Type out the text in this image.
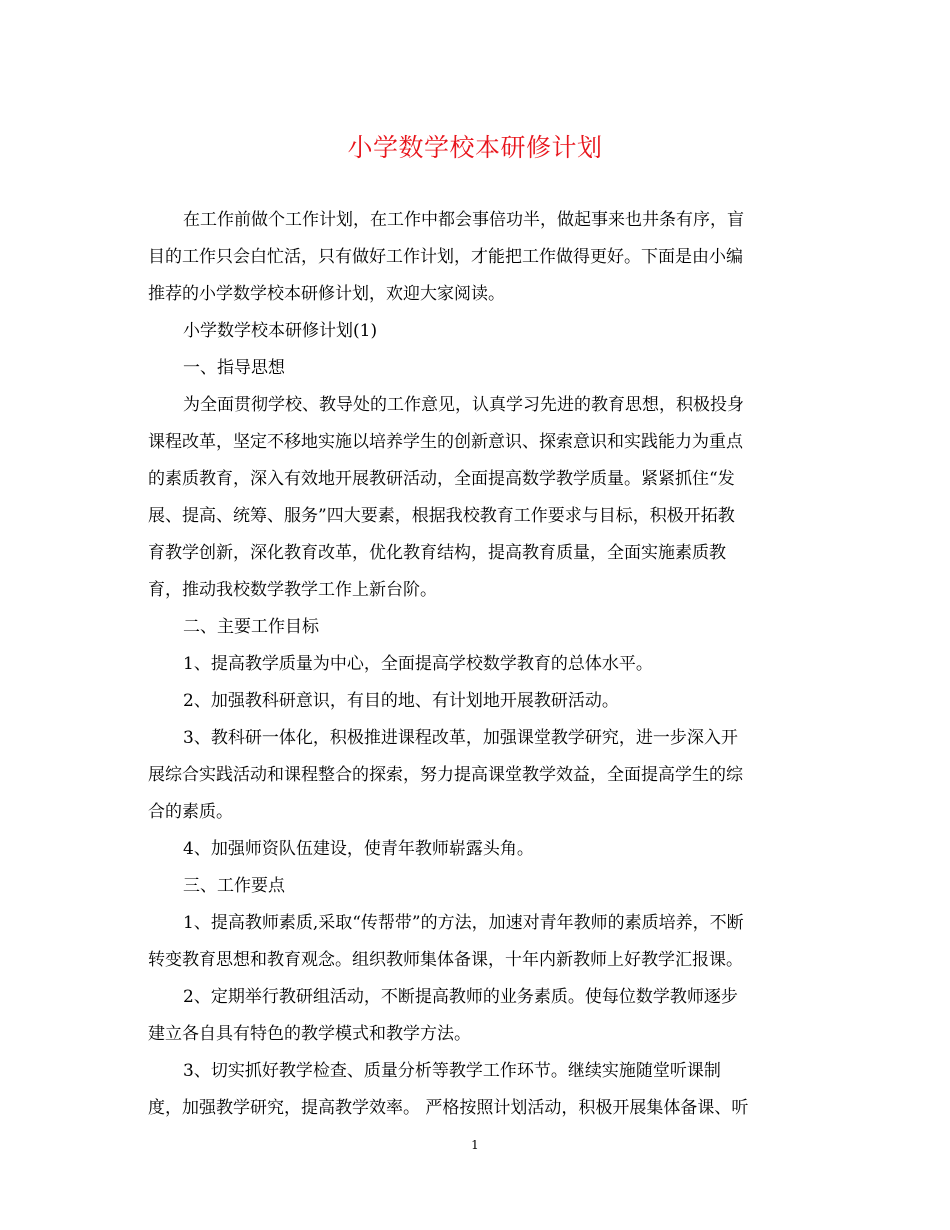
小学数学校本研修计划
在工作前做个工作计划，在工作中都会事倍功半，做起事来也井条有序，盲
目的工作只会白忙活，只有做好工作计划，才能把工作做得更好。下面是由小编
推荐的小学数学校本研修计划，欢迎大家阅读。
小学数学校本研修计划(1)
一、指导思想
为全面贯彻学校、教导处的工作意见，认真学习先进的教育思想，积极投身
课程改革，坚定不移地实施以培养学生的创新意识、探索意识和实践能力为重点
的素质教育，深入有效地开展教研活动，全面提高数学教学质量。紧紧抓住“发
展、提高、统筹、服务”四大要素，根据我校教育工作要求与目标，积极开拓教
育教学创新，深化教育改革，优化教育结构，提高教育质量，全面实施素质教
育，推动我校数学教学工作上新台阶。
二、主要工作目标
1、提高教学质量为中心，全面提高学校数学教育的总体水平。
2、加强教科研意识，有目的地、有计划地开展教研活动。
3、教科研一体化，积极推进课程改革，加强课堂教学研究，进一步深入开
展综合实践活动和课程整合的探索，努力提高课堂教学效益，全面提高学生的综
合的素质。
4、加强师资队伍建设，使青年教师崭露头角。
三、工作要点
1、提高教师素质,采取“传帮带”的方法，加速对青年教师的素质培养，不断
转变教育思想和教育观念。组织教师集体备课，十年内新教师上好教学汇报课。
2、定期举行教研组活动，不断提高教师的业务素质。使每位数学教师逐步
建立各自具有特色的教学模式和教学方法。
3、切实抓好教学检查、质量分析等教学工作环节。继续实施随堂听课制
度，加强教学研究，提高教学效率。 严格按照计划活动，积极开展集体备课、听
1
